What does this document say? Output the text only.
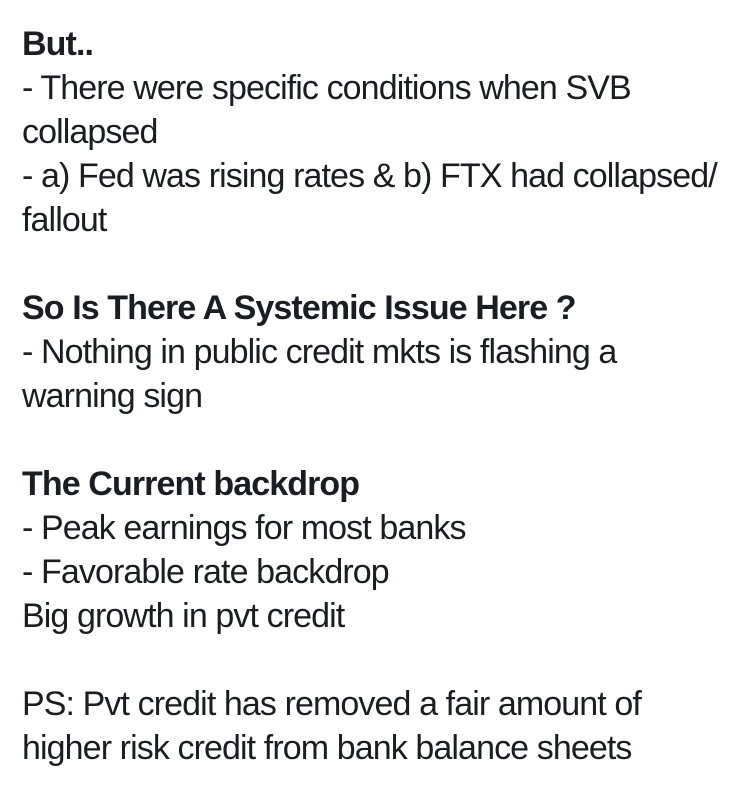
But..
- There were specific conditions when SVB
collapsed
- a) Fed was rising rates & b) FTX had collapsed/
fallout
So Is There A Systemic Issue Here ?
- Nothing in public credit mkts is flashing a
warning sign
The Current backdrop
- Peak earnings for most banks
- Favorable rate backdrop
Big growth in pvt credit
PS: Pvt credit has removed a fair amount of
higher risk credit from bank balance sheets
